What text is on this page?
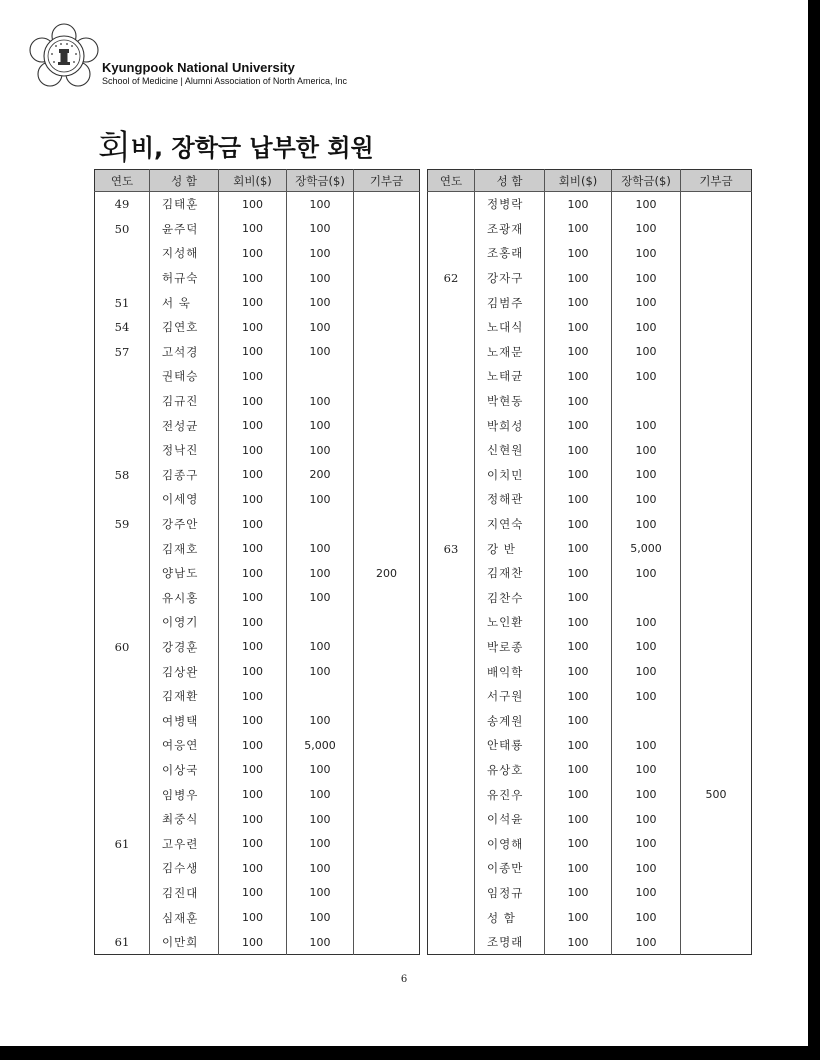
Kyungpook National University
School of Medicine | Alumni Association of North America, Inc
회비, 장학금 납부한 회원
연도	성 함	회비($)	장학금($)	기부금
49	김태훈	100	100	
50	윤주덕	100	100	
	지성해	100	100	
	허규숙	100	100	
51	서 욱	100	100	
54	김연호	100	100	
57	고석경	100	100	
	권태승	100		
	김규진	100	100	
	전성균	100	100	
	정낙진	100	100	
58	김종구	100	200	
	이세영	100	100	
59	강주안	100		
	김재호	100	100	
	양남도	100	100	200
	유시홍	100	100	
	이영기	100		
60	강경훈	100	100	
	김상완	100	100	
	김재환	100		
	여병택	100	100	
	여응연	100	5,000	
	이상국	100	100	
	임병우	100	100	
	최중식	100	100	
61	고우련	100	100	
	김수생	100	100	
	김진대	100	100	
	심재훈	100	100	
61	이만희	100	100	
연도	성 함	회비($)	장학금($)	기부금
	정병락	100	100	
	조광재	100	100	
	조홍래	100	100	
62	강자구	100	100	
	김범주	100	100	
	노대식	100	100	
	노재문	100	100	
	노태균	100	100	
	박현동	100		
	박희성	100	100	
	신현원	100	100	
	이치민	100	100	
	정해관	100	100	
	지연숙	100	100	
63	강 반	100	5,000	
	김재찬	100	100	
	김찬수	100		
	노인환	100	100	
	박로종	100	100	
	배익학	100	100	
	서구원	100	100	
	송계원	100		
	안태룡	100	100	
	유상호	100	100	
	유진우	100	100	500
	이석윤	100	100	
	이영해	100	100	
	이종만	100	100	
	임정규	100	100	
	성 함	100	100	
	조명래	100	100	
6
